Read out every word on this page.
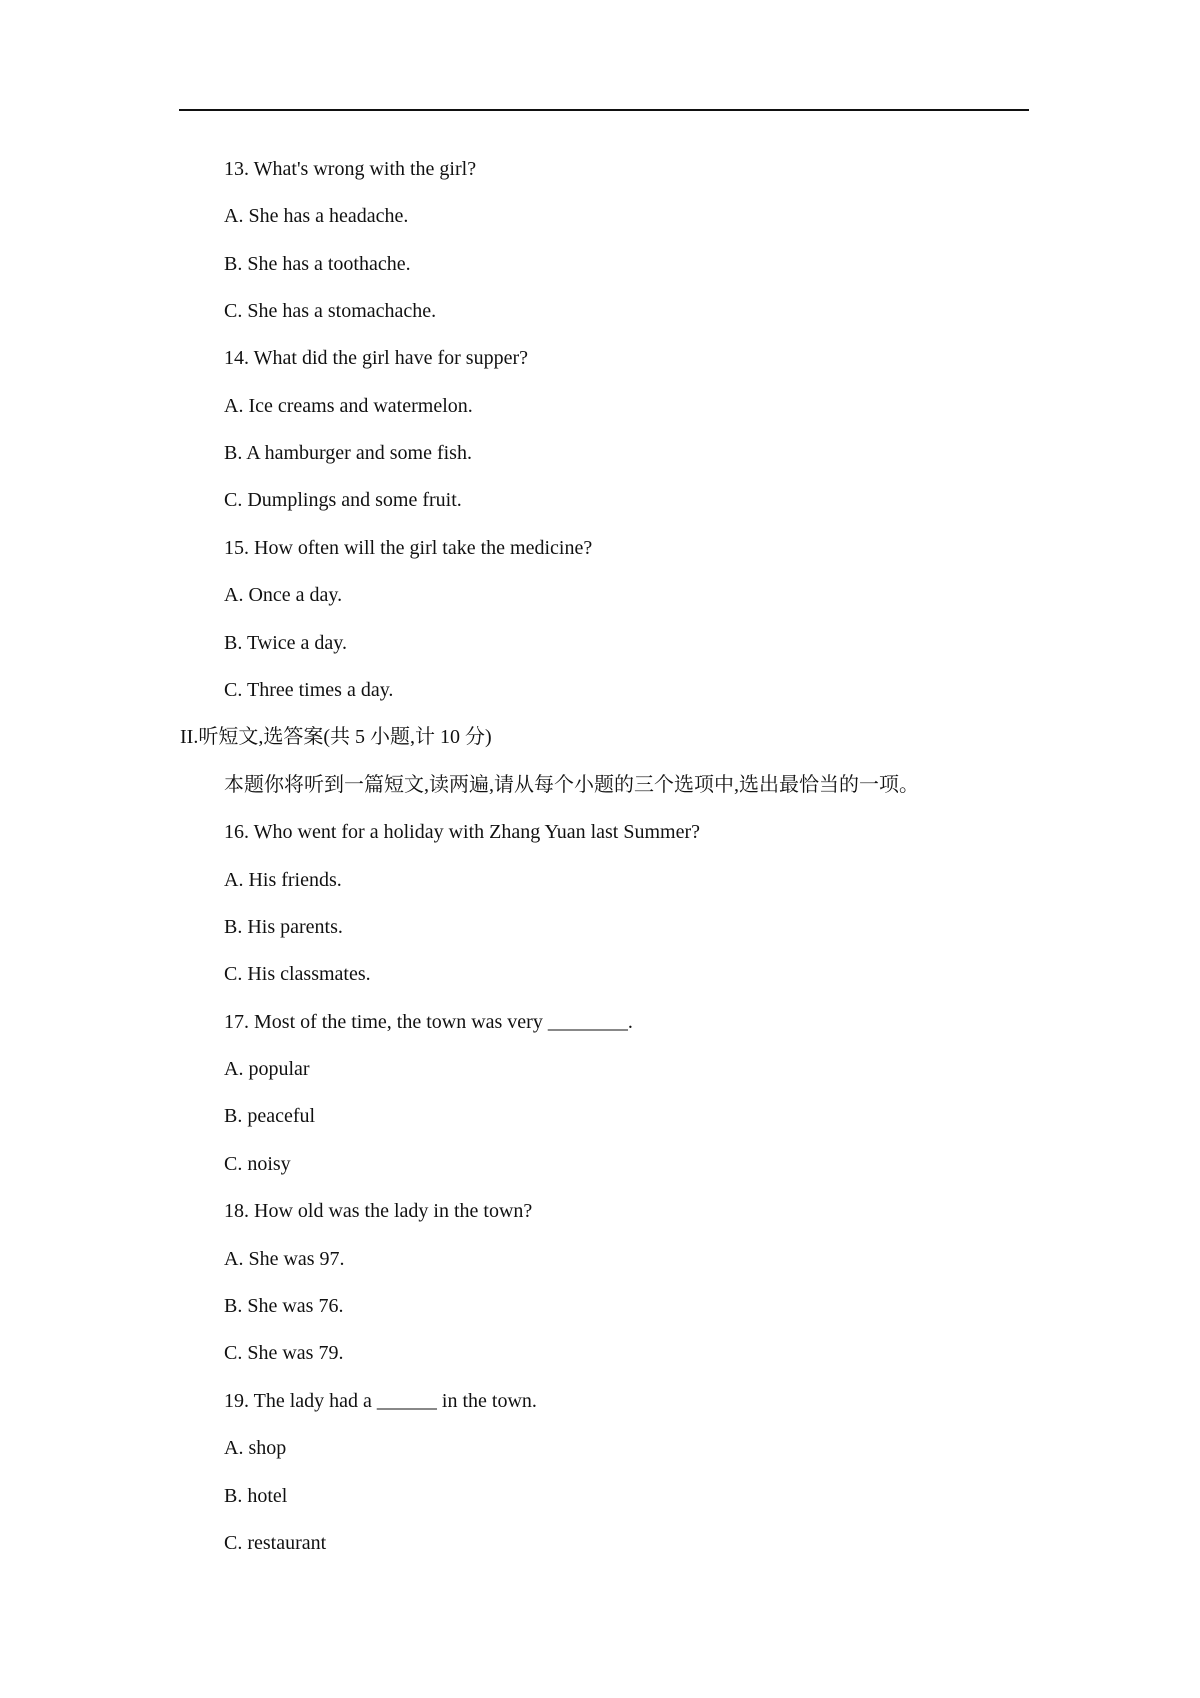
13. What's wrong with the girl?
A. She has a headache.
B. She has a toothache.
C. She has a stomachache.
14. What did the girl have for supper?
A. Ice creams and watermelon.
B. A hamburger and some fish.
C. Dumplings and some fruit.
15. How often will the girl take the medicine?
A. Once a day.
B. Twice a day.
C. Three times a day.
II.听短文,选答案(共 5 小题,计 10 分)
本题你将听到一篇短文,读两遍,请从每个小题的三个选项中,选出最恰当的一项。
16. Who went for a holiday with Zhang Yuan last Summer?
A. His friends.
B. His parents.
C. His classmates.
17. Most of the time, the town was very ________.
A. popular
B. peaceful
C. noisy
18. How old was the lady in the town?
A. She was 97.
B. She was 76.
C. She was 79.
19. The lady had a ______ in the town.
A. shop
B. hotel
C. restaurant
